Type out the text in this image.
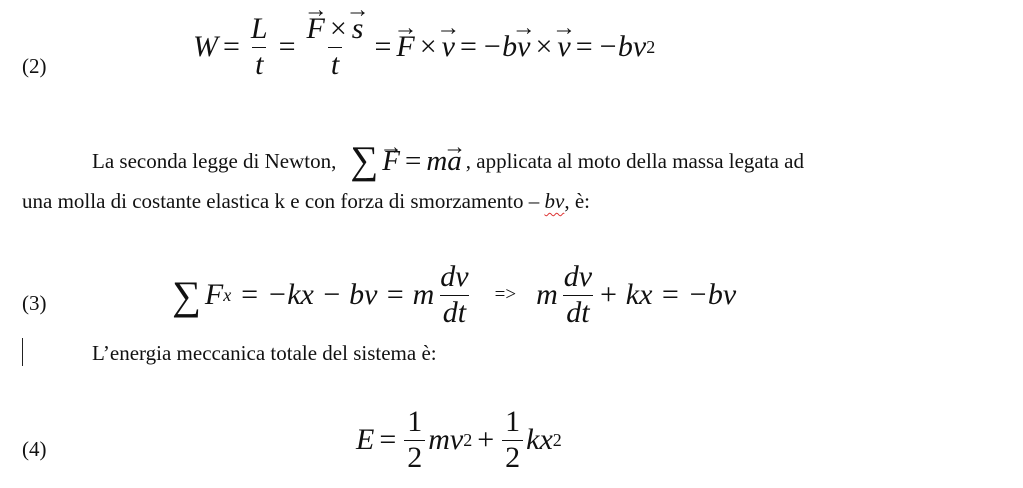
(2)
$W = \frac{L}{t}$ = → $\frac{F \times \to s}{t}$ = → F × → v = −b → v × → v = −b v 2
La seconda legge di Newton, ∑ → F = m→ a , applicata al moto della massa legata ad
una molla di costante elastica k e con forza di smorzamento – bv, è:
(3)	∑ F x = −kx − bv = m $\frac{dv}{dt} => m \frac{dv}{dt}$ + kx = −bv
L’energia meccanica totale del sistema è:
(4)	$E = \frac{1}{2}$ mv $2 + \frac{1}{2}$ kx 2
